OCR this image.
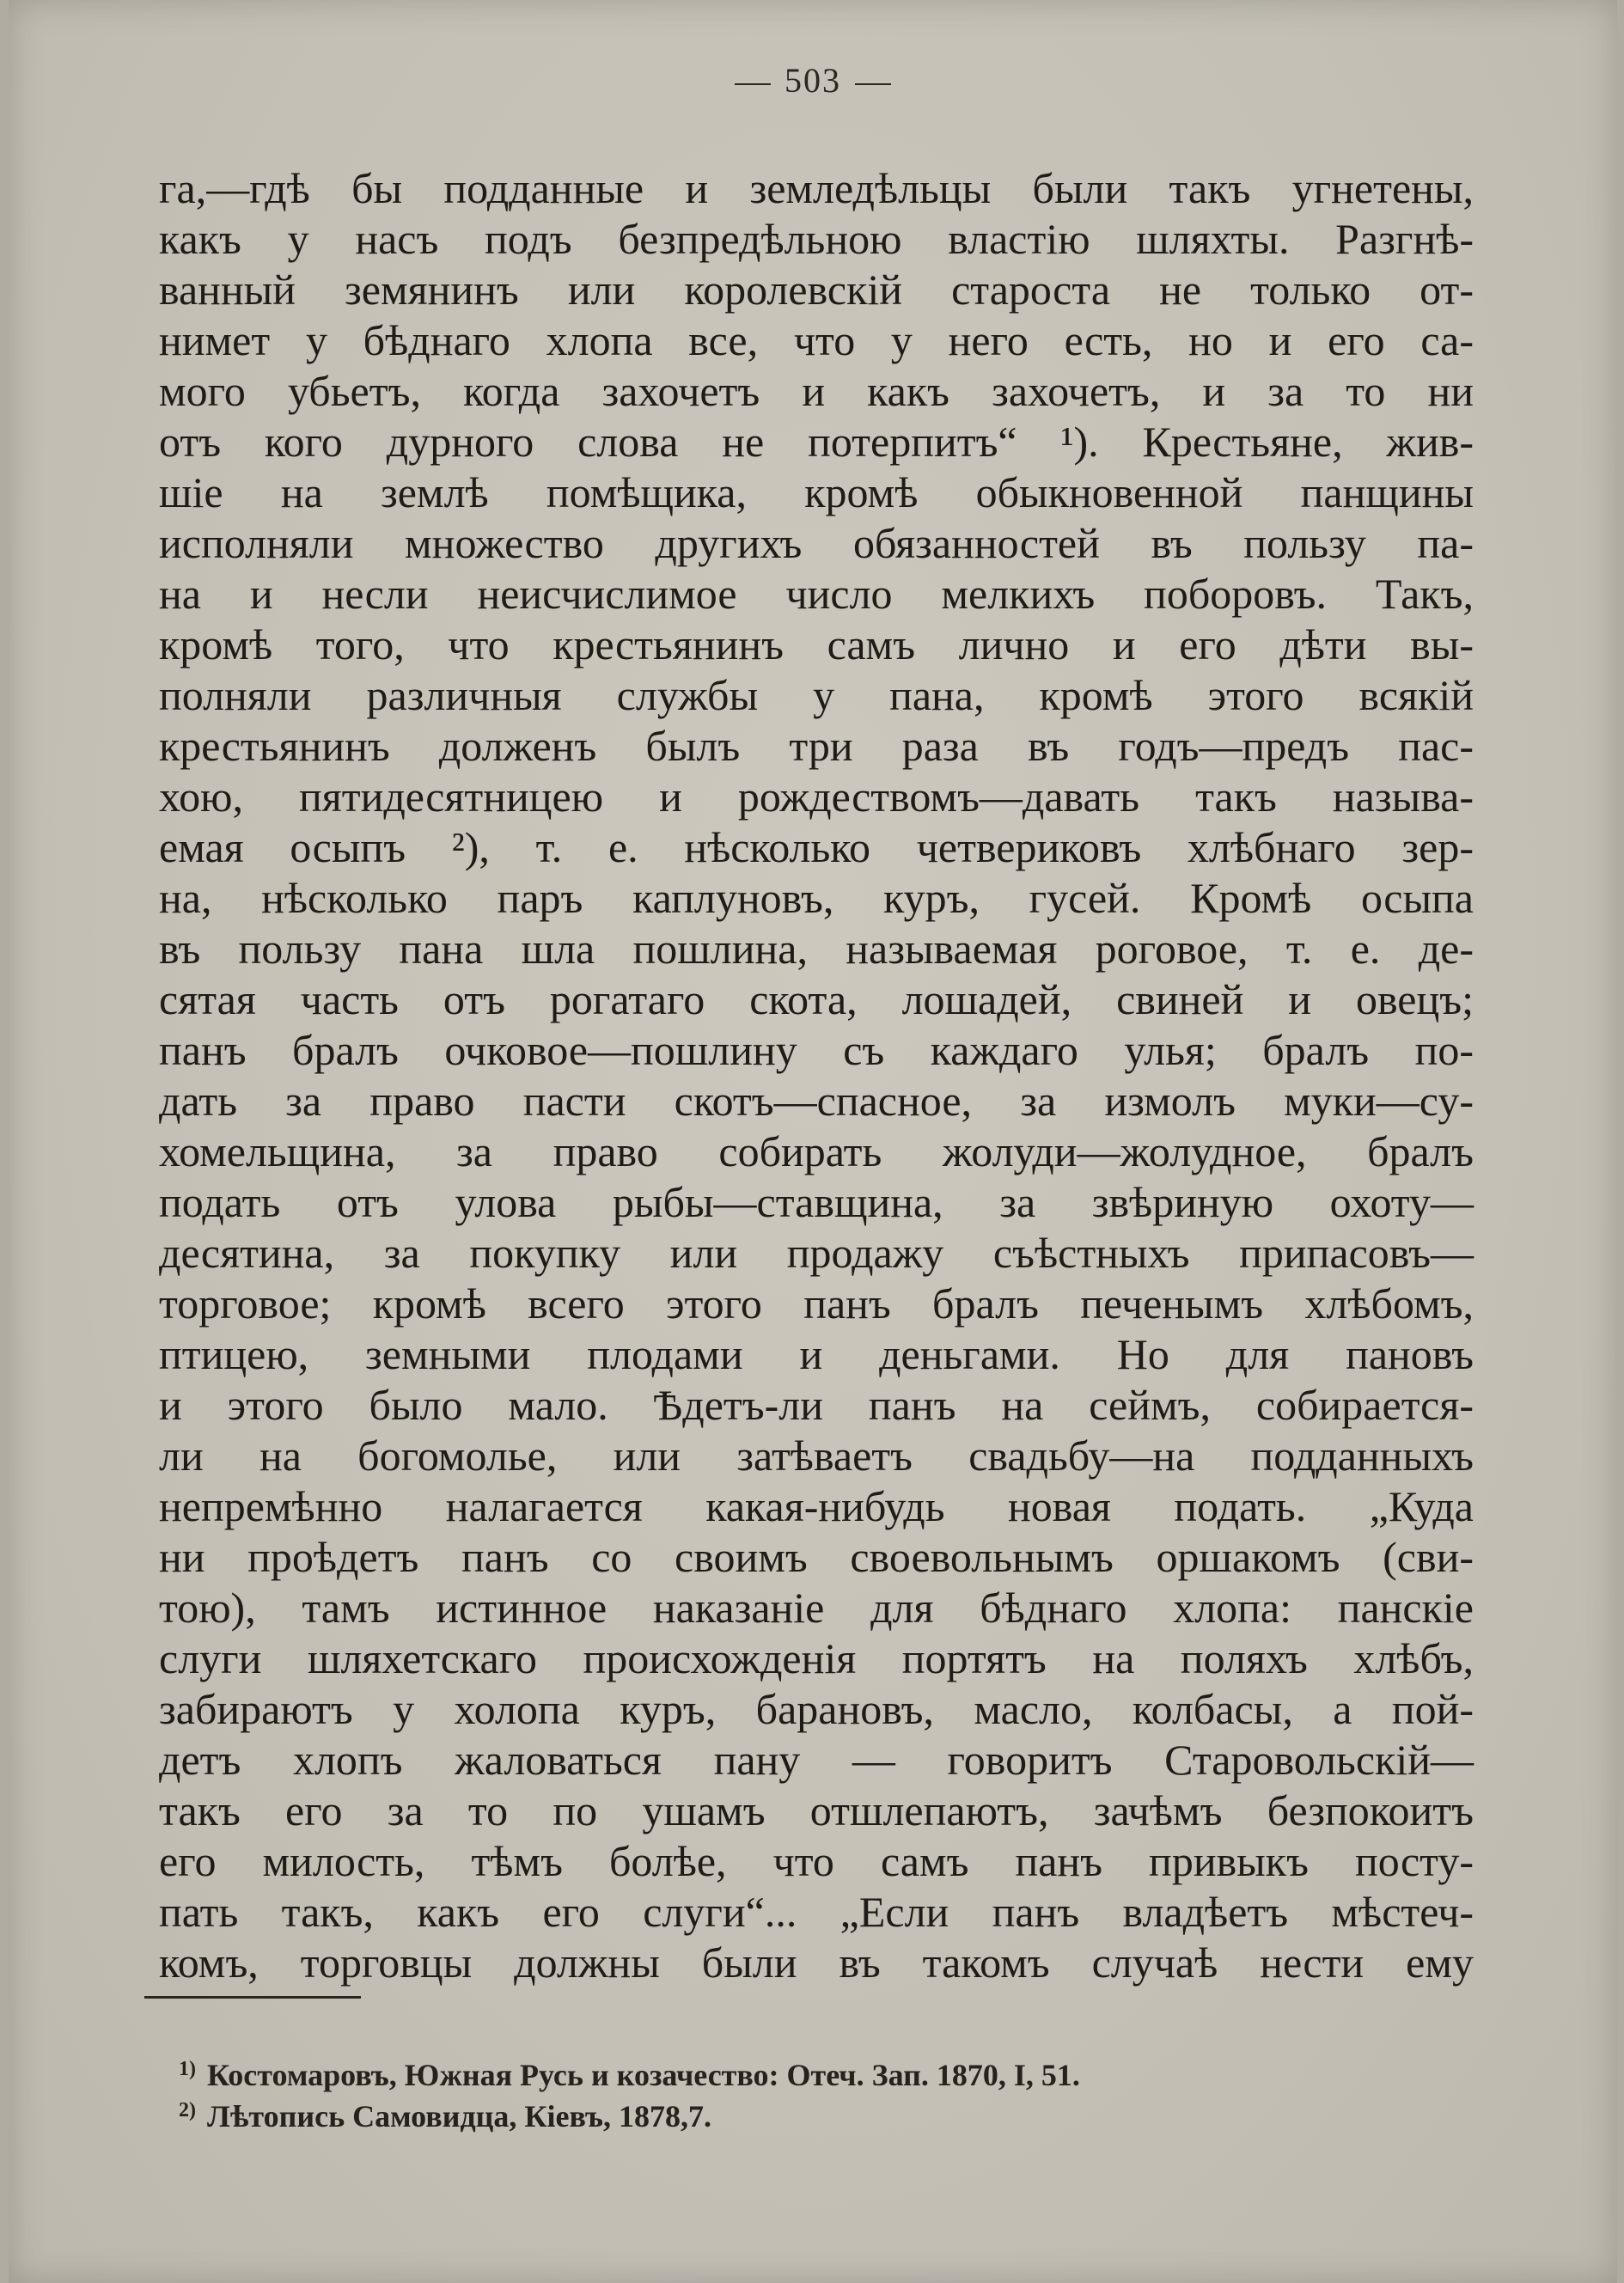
503
га,—гдѣ бы подданные и земледѣльцы были такъ угнетены,
какъ у насъ подъ безпредѣльною властію шляхты. Разгнѣ-
ванный земянинъ или королевскій староста не только от-
нимет у бѣднаго хлопа все, что у него есть, но и его са-
мого убьетъ, когда захочетъ и какъ захочетъ, и за то ни
отъ кого дурного слова не потерпитъ“ ¹). Крестьяне, жив-
шіе на землѣ помѣщика, кромѣ обыкновенной панщины
исполняли множество другихъ обязанностей въ пользу па-
на и несли неисчислимое число мелкихъ поборовъ. Такъ,
кромѣ того, что крестьянинъ самъ лично и его дѣти вы-
полняли различныя службы у пана, кромѣ этого всякій
крестьянинъ долженъ былъ три раза въ годъ—предъ пас-
хою, пятидесятницею и рождествомъ—давать такъ называ-
емая осыпъ ²), т. е. нѣсколько четвериковъ хлѣбнаго зер-
на, нѣсколько паръ каплуновъ, куръ, гусей. Кромѣ осыпа
въ пользу пана шла пошлина, называемая роговое, т. е. де-
сятая часть отъ рогатаго скота, лошадей, свиней и овецъ;
панъ бралъ очковое—пошлину съ каждаго улья; бралъ по-
дать за право пасти скотъ—спасное, за измолъ муки—су-
хомельщина, за право собирать жолуди—жолудное, бралъ
подать отъ улова рыбы—ставщина, за звѣриную охоту—
десятина, за покупку или продажу съѣстныхъ припасовъ—
торговое; кромѣ всего этого панъ бралъ печенымъ хлѣбомъ,
птицею, земными плодами и деньгами. Но для пановъ
и этого было мало. Ѣдетъ-ли панъ на сеймъ, собирается-
ли на богомолье, или затѣваетъ свадьбу—на подданныхъ
непремѣнно налагается какая-нибудь новая подать. „Куда
ни проѣдетъ панъ со своимъ своевольнымъ оршакомъ (сви-
тою), тамъ истинное наказаніе для бѣднаго хлопа: панскіе
слуги шляхетскаго происхожденія портятъ на поляхъ хлѣбъ,
забираютъ у холопа куръ, барановъ, масло, колбасы, а пой-
детъ хлопъ жаловаться пану — говоритъ Старовольскій—
такъ его за то по ушамъ отшлепаютъ, зачѣмъ безпокоитъ
его милость, тѣмъ болѣе, что самъ панъ привыкъ посту-
пать такъ, какъ его слуги“... „Если панъ владѣетъ мѣстеч-
комъ, торговцы должны были въ такомъ случаѣ нести ему
$^{1)}$ Костомаровъ, Южная Русь и козачество: Отеч. Зап. 1870, I, 51.
$^{2)}$ Лѣтопись Самовидца, Кіевъ, 1878,7.
